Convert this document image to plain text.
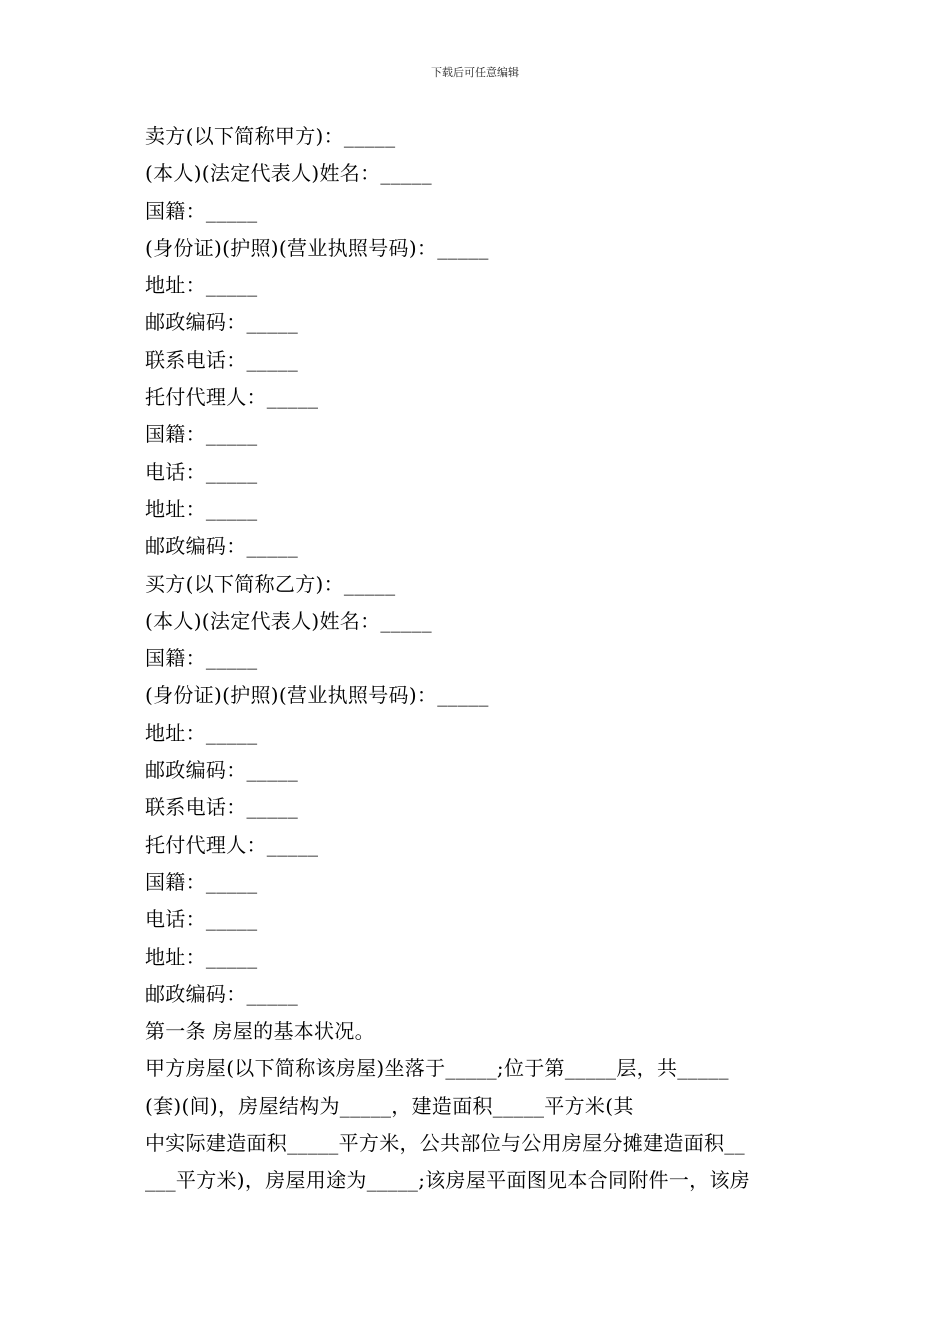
下载后可任意编辑
卖方(以下简称甲方)：_____
(本人)(法定代表人)姓名：_____
国籍：_____
(身份证)(护照)(营业执照号码)：_____
地址：_____
邮政编码：_____
联系电话：_____
托付代理人：_____
国籍：_____
电话：_____
地址：_____
邮政编码：_____
买方(以下简称乙方)：_____
(本人)(法定代表人)姓名：_____
国籍：_____
(身份证)(护照)(营业执照号码)：_____
地址：_____
邮政编码：_____
联系电话：_____
托付代理人：_____
国籍：_____
电话：_____
地址：_____
邮政编码：_____
第一条 房屋的基本状况。
甲方房屋(以下简称该房屋)坐落于_____;位于第_____层，共_____
(套)(间)，房屋结构为_____，建造面积_____平方米(其
中实际建造面积_____平方米，公共部位与公用房屋分摊建造面积__
___平方米)，房屋用途为_____;该房屋平面图见本合同附件一，该房
